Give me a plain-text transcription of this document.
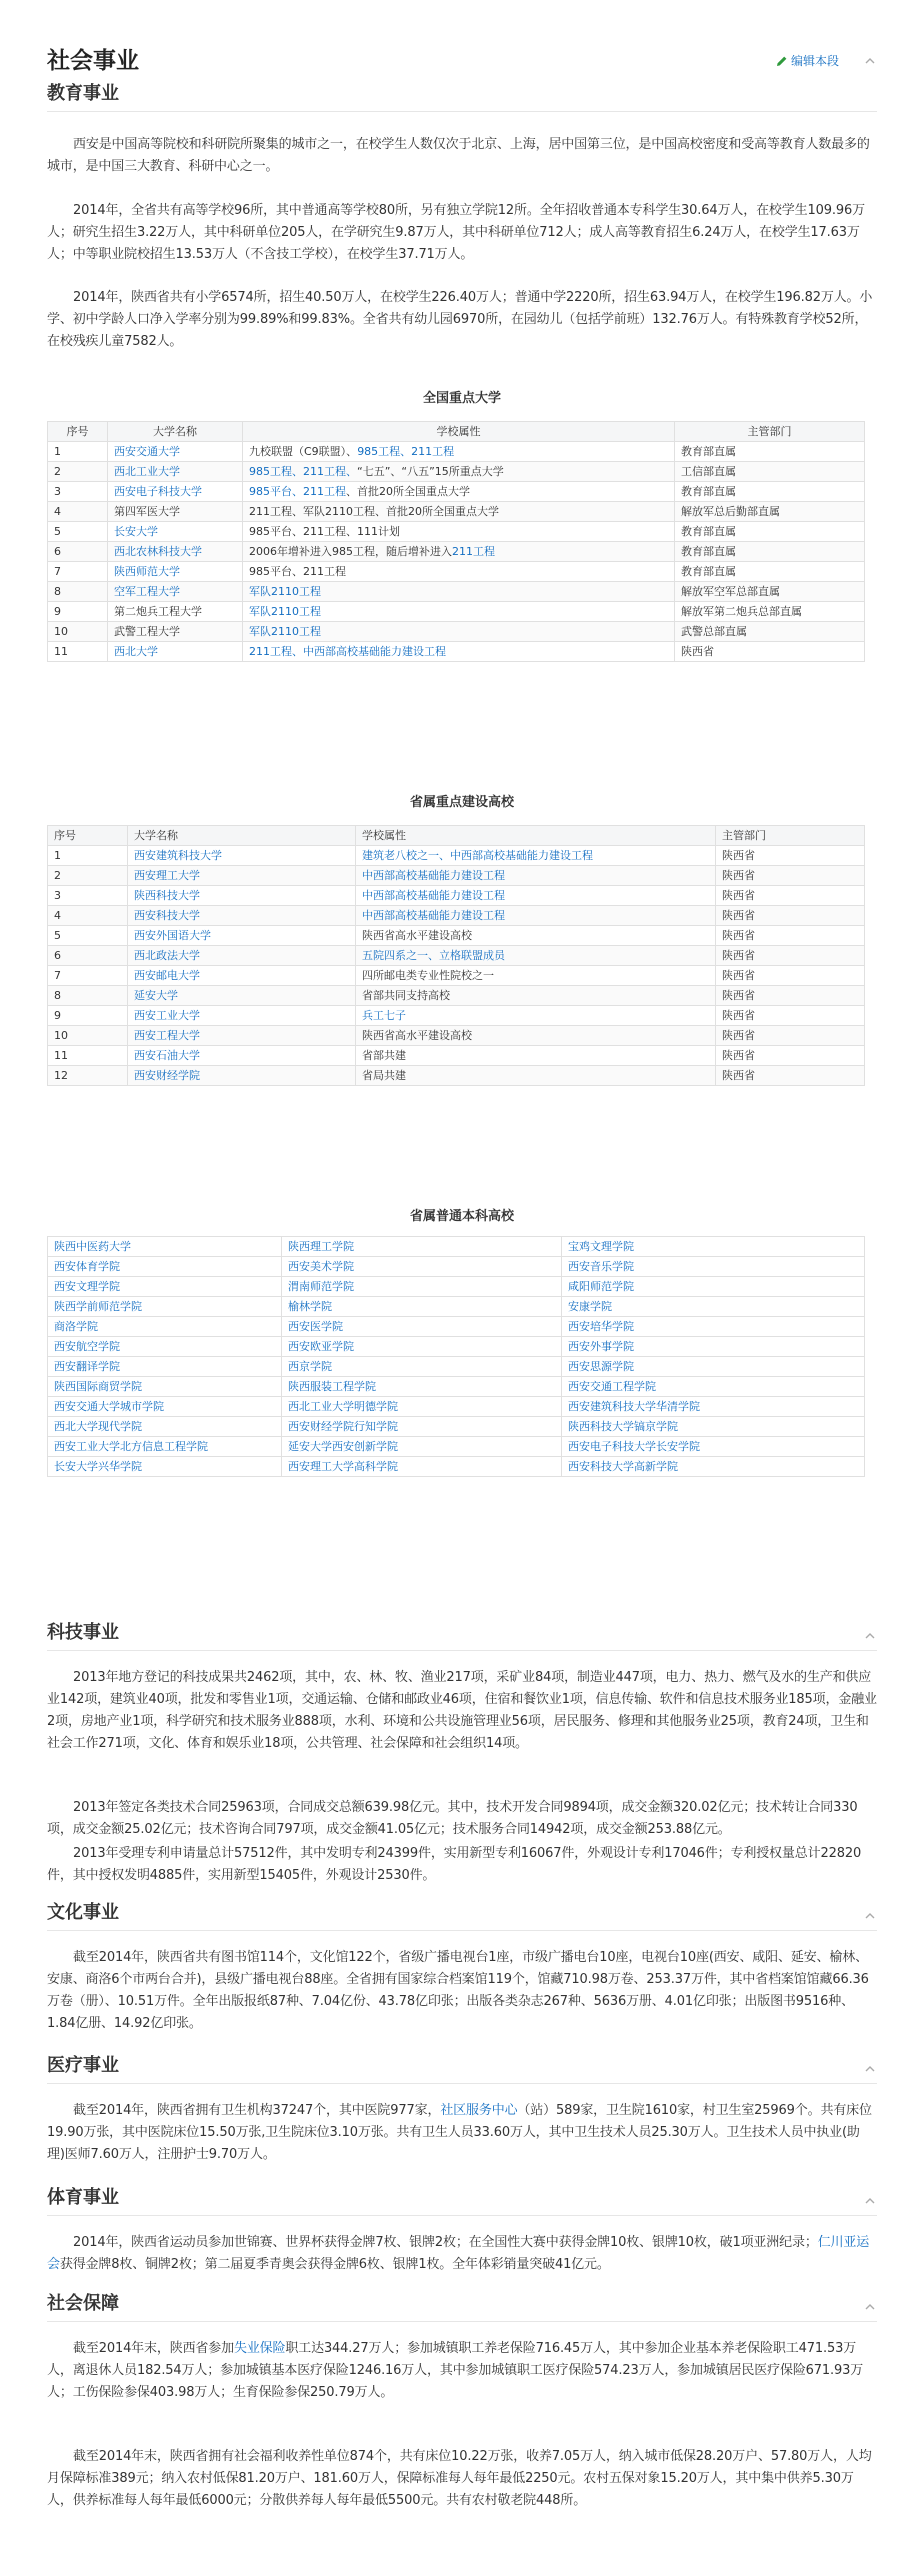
社会事业	编辑本段
教育事业
西安是中国高等院校和科研院所聚集的城市之一，在校学生人数仅次于北京、上海，居中国第三位，是中国高校密度和受高等教育人数最多的城市，是中国三大教育、科研中心之一。
2014年，全省共有高等学校96所，其中普通高等学校80所，另有独立学院12所。全年招收普通本专科学生30.64万人，在校学生109.96万人；研究生招生3.22万人，其中科研单位205人，在学研究生9.87万人，其中科研单位712人；成人高等教育招生6.24万人，在校学生17.63万人；中等职业院校招生13.53万人（不含技工学校），在校学生37.71万人。
2014年，陕西省共有小学6574所，招生40.50万人，在校学生226.40万人；普通中学2220所，招生63.94万人，在校学生196.82万人。小学、初中学龄人口净入学率分别为99.89%和99.83%。全省共有幼儿园6970所，在园幼儿（包括学前班）132.76万人。有特殊教育学校52所，在校残疾儿童7582人。
全国重点大学
序号	大学名称	学校属性	主管部门
1	西安交通大学	九校联盟（C9联盟）、985工程、211工程	教育部直属
2	西北工业大学	985工程、211工程、“七五”、“八五”15所重点大学	工信部直属
3	西安电子科技大学	985平台、211工程、首批20所全国重点大学	教育部直属
4	第四军医大学	211工程、军队2110工程、首批20所全国重点大学	解放军总后勤部直属
5	长安大学	985平台、211工程、111计划	教育部直属
6	西北农林科技大学	2006年增补进入985工程，随后增补进入211工程	教育部直属
7	陕西师范大学	985平台、211工程	教育部直属
8	空军工程大学	军队2110工程	解放军空军总部直属
9	第二炮兵工程大学	军队2110工程	解放军第二炮兵总部直属
10	武警工程大学	军队2110工程	武警总部直属
11	西北大学	211工程、中西部高校基础能力建设工程	陕西省
省属重点建设高校
序号	大学名称	学校属性	主管部门
1	西安建筑科技大学	建筑老八校之一、中西部高校基础能力建设工程	陕西省
2	西安理工大学	中西部高校基础能力建设工程	陕西省
3	陕西科技大学	中西部高校基础能力建设工程	陕西省
4	西安科技大学	中西部高校基础能力建设工程	陕西省
5	西安外国语大学	陕西省高水平建设高校	陕西省
6	西北政法大学	五院四系之一、立格联盟成员	陕西省
7	西安邮电大学	四所邮电类专业性院校之一	陕西省
8	延安大学	省部共同支持高校	陕西省
9	西安工业大学	兵工七子	陕西省
10	西安工程大学	陕西省高水平建设高校	陕西省
11	西安石油大学	省部共建	陕西省
12	西安财经学院	省局共建	陕西省
省属普通本科高校
陕西中医药大学	陕西理工学院	宝鸡文理学院
西安体育学院	西安美术学院	西安音乐学院
西安文理学院	渭南师范学院	咸阳师范学院
陕西学前师范学院	榆林学院	安康学院
商洛学院	西安医学院	西安培华学院
西安航空学院	西安欧亚学院	西安外事学院
西安翻译学院	西京学院	西安思源学院
陕西国际商贸学院	陕西服装工程学院	西安交通工程学院
西安交通大学城市学院	西北工业大学明德学院	西安建筑科技大学华清学院
西北大学现代学院	西安财经学院行知学院	陕西科技大学镐京学院
西安工业大学北方信息工程学院	延安大学西安创新学院	西安电子科技大学长安学院
长安大学兴华学院	西安理工大学高科学院	西安科技大学高新学院
科技事业
2013年地方登记的科技成果共2462项，其中，农、林、牧、渔业217项，采矿业84项，制造业447项，电力、热力、燃气及水的生产和供应业142项，建筑业40项，批发和零售业1项，交通运输、仓储和邮政业46项，住宿和餐饮业1项，信息传输、软件和信息技术服务业185项，金融业2项，房地产业1项，科学研究和技术服务业888项，水利、环境和公共设施管理业56项，居民服务、修理和其他服务业25项，教育24项，卫生和社会工作271项，文化、体育和娱乐业18项，公共管理、社会保障和社会组织14项。
2013年签定各类技术合同25963项，合同成交总额639.98亿元。其中，技术开发合同9894项，成交金额320.02亿元；技术转让合同330项，成交金额25.02亿元；技术咨询合同797项，成交金额41.05亿元；技术服务合同14942项，成交金额253.88亿元。
2013年受理专利申请量总计57512件，其中发明专利24399件，实用新型专利16067件，外观设计专利17046件；专利授权量总计22820件，其中授权发明4885件，实用新型15405件，外观设计2530件。
文化事业
截至2014年，陕西省共有图书馆114个，文化馆122个，省级广播电视台1座，市级广播电台10座，电视台10座(西安、咸阳、延安、榆林、安康、商洛6个市两台合并)，县级广播电视台88座。全省拥有国家综合档案馆119个，馆藏710.98万卷、253.37万件，其中省档案馆馆藏66.36万卷（册）、10.51万件。全年出版报纸87种、7.04亿份、43.78亿印张；出版各类杂志267种、5636万册、4.01亿印张；出版图书9516种、1.84亿册、14.92亿印张。
医疗事业
截至2014年，陕西省拥有卫生机构37247个，其中医院977家，社区服务中心（站）589家，卫生院1610家，村卫生室25969个。共有床位19.90万张，其中医院床位15.50万张,卫生院床位3.10万张。共有卫生人员33.60万人，其中卫生技术人员25.30万人。卫生技术人员中执业(助理)医师7.60万人，注册护士9.70万人。
体育事业
2014年，陕西省运动员参加世锦赛、世界杯获得金牌7枚、银牌2枚；在全国性大赛中获得金牌10枚、银牌10枚，破1项亚洲纪录；仁川亚运会获得金牌8枚、铜牌2枚；第二届夏季青奥会获得金牌6枚、银牌1枚。全年体彩销量突破41亿元。
社会保障
截至2014年末，陕西省参加失业保险职工达344.27万人；参加城镇职工养老保险716.45万人，其中参加企业基本养老保险职工471.53万人，离退休人员182.54万人；参加城镇基本医疗保险1246.16万人，其中参加城镇职工医疗保险574.23万人，参加城镇居民医疗保险671.93万人；工伤保险参保403.98万人；生育保险参保250.79万人。
截至2014年末，陕西省拥有社会福利收养性单位874个，共有床位10.22万张，收养7.05万人，纳入城市低保28.20万户、57.80万人，人均月保障标准389元；纳入农村低保81.20万户、181.60万人，保障标准每人每年最低2250元。农村五保对象15.20万人，其中集中供养5.30万人，供养标准每人每年最低6000元；分散供养每人每年最低5500元。共有农村敬老院448所。
